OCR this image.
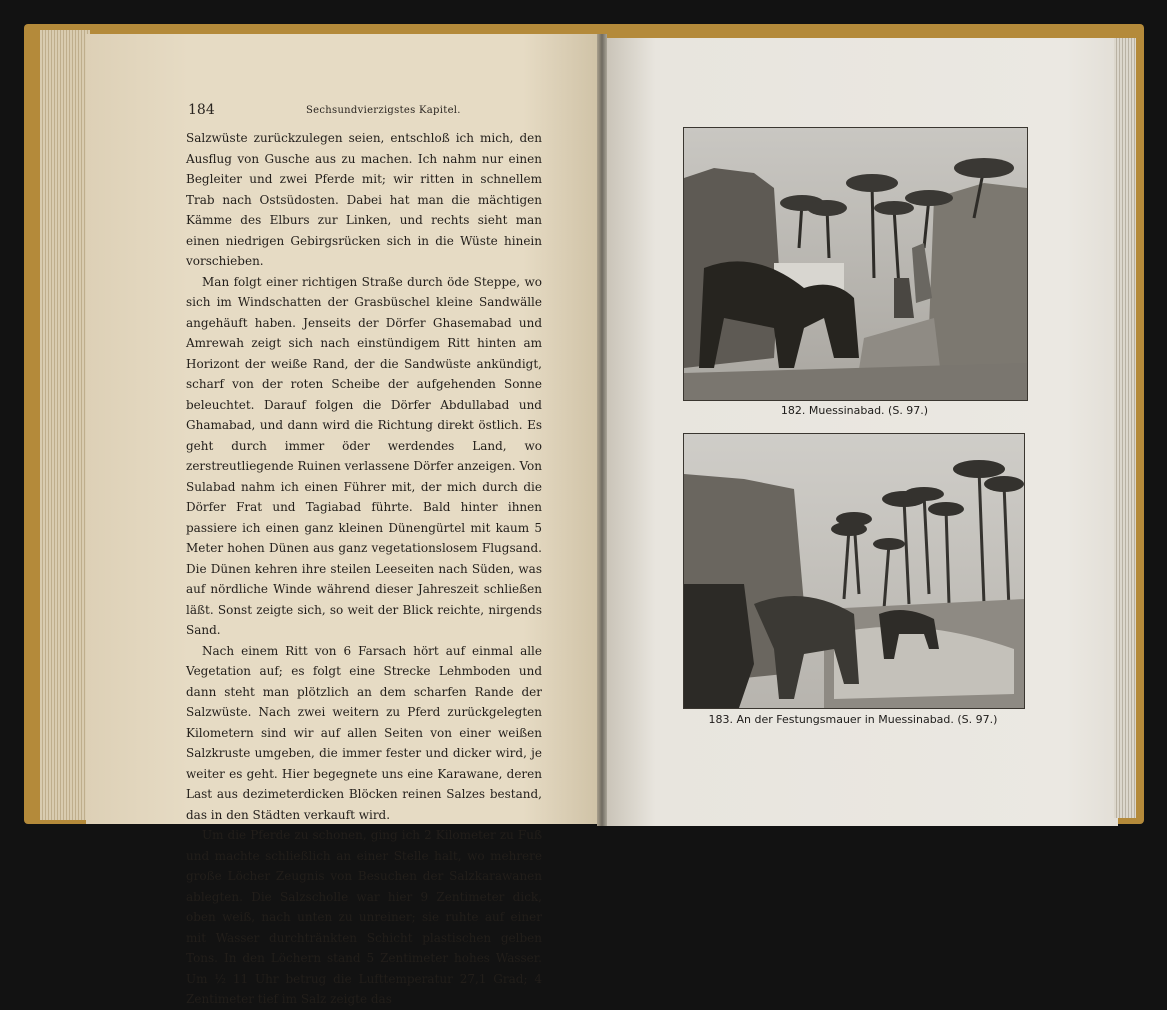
184	Sechsundvierzigstes Kapitel.

Salzwüste zurückzulegen seien, entschloß ich mich, den Ausflug von Gusche aus zu machen. Ich nahm nur einen Begleiter und zwei Pferde mit; wir ritten in schnellem Trab nach Ostsüdosten. Dabei hat man die mächtigen Kämme des Elburs zur Linken, und rechts sieht man einen niedrigen Gebirgsrücken sich in die Wüste hinein vorschieben.

Man folgt einer richtigen Straße durch öde Steppe, wo sich im Windschatten der Grasbüschel kleine Sandwälle angehäuft haben. Jenseits der Dörfer Ghasemabad und Amrewah zeigt sich nach einstündigem Ritt hinten am Horizont der weiße Rand, der die Sandwüste ankündigt, scharf von der roten Scheibe der aufgehenden Sonne beleuchtet. Darauf folgen die Dörfer Abdullabad und Ghamabad, und dann wird die Richtung direkt östlich. Es geht durch immer öder werdendes Land, wo zerstreutliegende Ruinen verlassene Dörfer anzeigen. Von Sulabad nahm ich einen Führer mit, der mich durch die Dörfer Frat und Tagiabad führte. Bald hinter ihnen passiere ich einen ganz kleinen Dünengürtel mit kaum 5 Meter hohen Dünen aus ganz vegetationslosem Flugsand. Die Dünen kehren ihre steilen Leeseiten nach Süden, was auf nördliche Winde während dieser Jahreszeit schließen läßt. Sonst zeigte sich, so weit der Blick reichte, nirgends Sand.

Nach einem Ritt von 6 Farsach hört auf einmal alle Vegetation auf; es folgt eine Strecke Lehmboden und dann steht man plötzlich an dem scharfen Rande der Salzwüste. Nach zwei weitern zu Pferd zurückgelegten Kilometern sind wir auf allen Seiten von einer weißen Salzkruste umgeben, die immer fester und dicker wird, je weiter es geht. Hier begegnete uns eine Karawane, deren Last aus dezimeterdicken Blöcken reinen Salzes bestand, das in den Städten verkauft wird.

Um die Pferde zu schonen, ging ich 2 Kilometer zu Fuß und machte schließlich an einer Stelle halt, wo mehrere große Löcher Zeugnis von Besuchen der Salzkarawanen ablegten. Die Salzscholle war hier 9 Zentimeter dick, oben weiß, nach unten zu unreiner; sie ruhte auf einer mit Wasser durchtränkten Schicht plastischen gelben Tons. In den Löchern stand 5 Zentimeter hohes Wasser. Um ½ 11 Uhr betrug die Lufttemperatur 27,1 Grad; 4 Zentimeter tief im Salz zeigte das

182. Muessinabad. (S. 97.)
183. An der Festungsmauer in Muessinabad. (S. 97.)
